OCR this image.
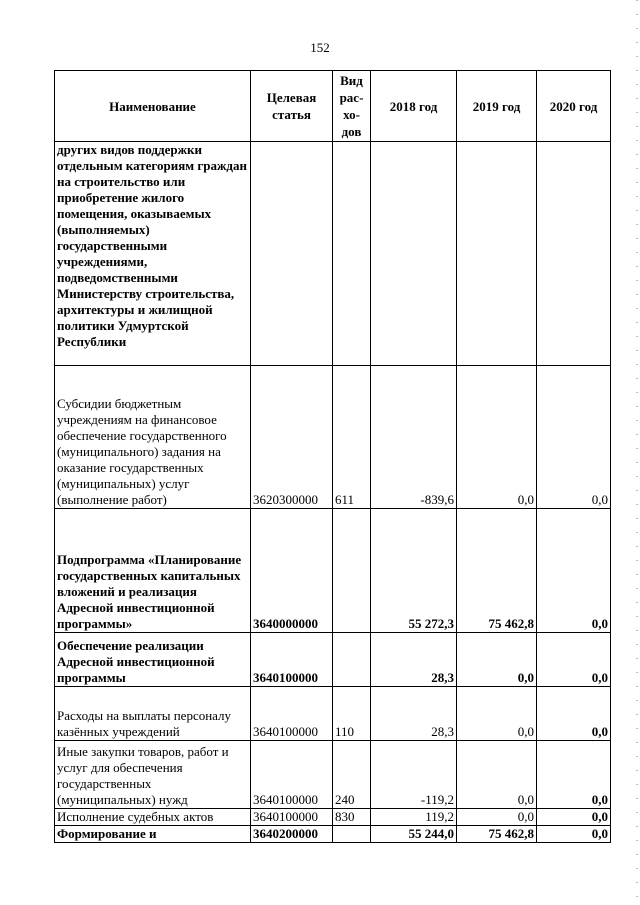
152
Наименование	Целевая статья	Вид рас- хо- дов	2018 год	2019 год	2020 год
других видов поддержки отдельным категориям граждан на строительство или приобретение жилого помещения, оказываемых (выполняемых) государственными учреждениями, подведомственными Министерству строительства, архитектуры и жилищной политики Удмуртской Республики					
Субсидии бюджетным учреждениям на финансовое обеспечение государственного (муниципального) задания на оказание государственных (муниципальных) услуг (выполнение работ)	3620300000	611	-839,6	0,0	0,0
Подпрограмма «Планирование государственных капитальных вложений и реализация Адресной инвестиционной программы»	3640000000		55 272,3	75 462,8	0,0
Обеспечение реализации Адресной инвестиционной программы	3640100000		28,3	0,0	0,0
Расходы на выплаты персоналу казённых учреждений	3640100000	110	28,3	0,0	0,0
Иные закупки товаров, работ и услуг для обеспечения государственных (муниципальных) нужд	3640100000	240	-119,2	0,0	0,0
Исполнение судебных актов	3640100000	830	119,2	0,0	0,0
Формирование и	3640200000		55 244,0	75 462,8	0,0
